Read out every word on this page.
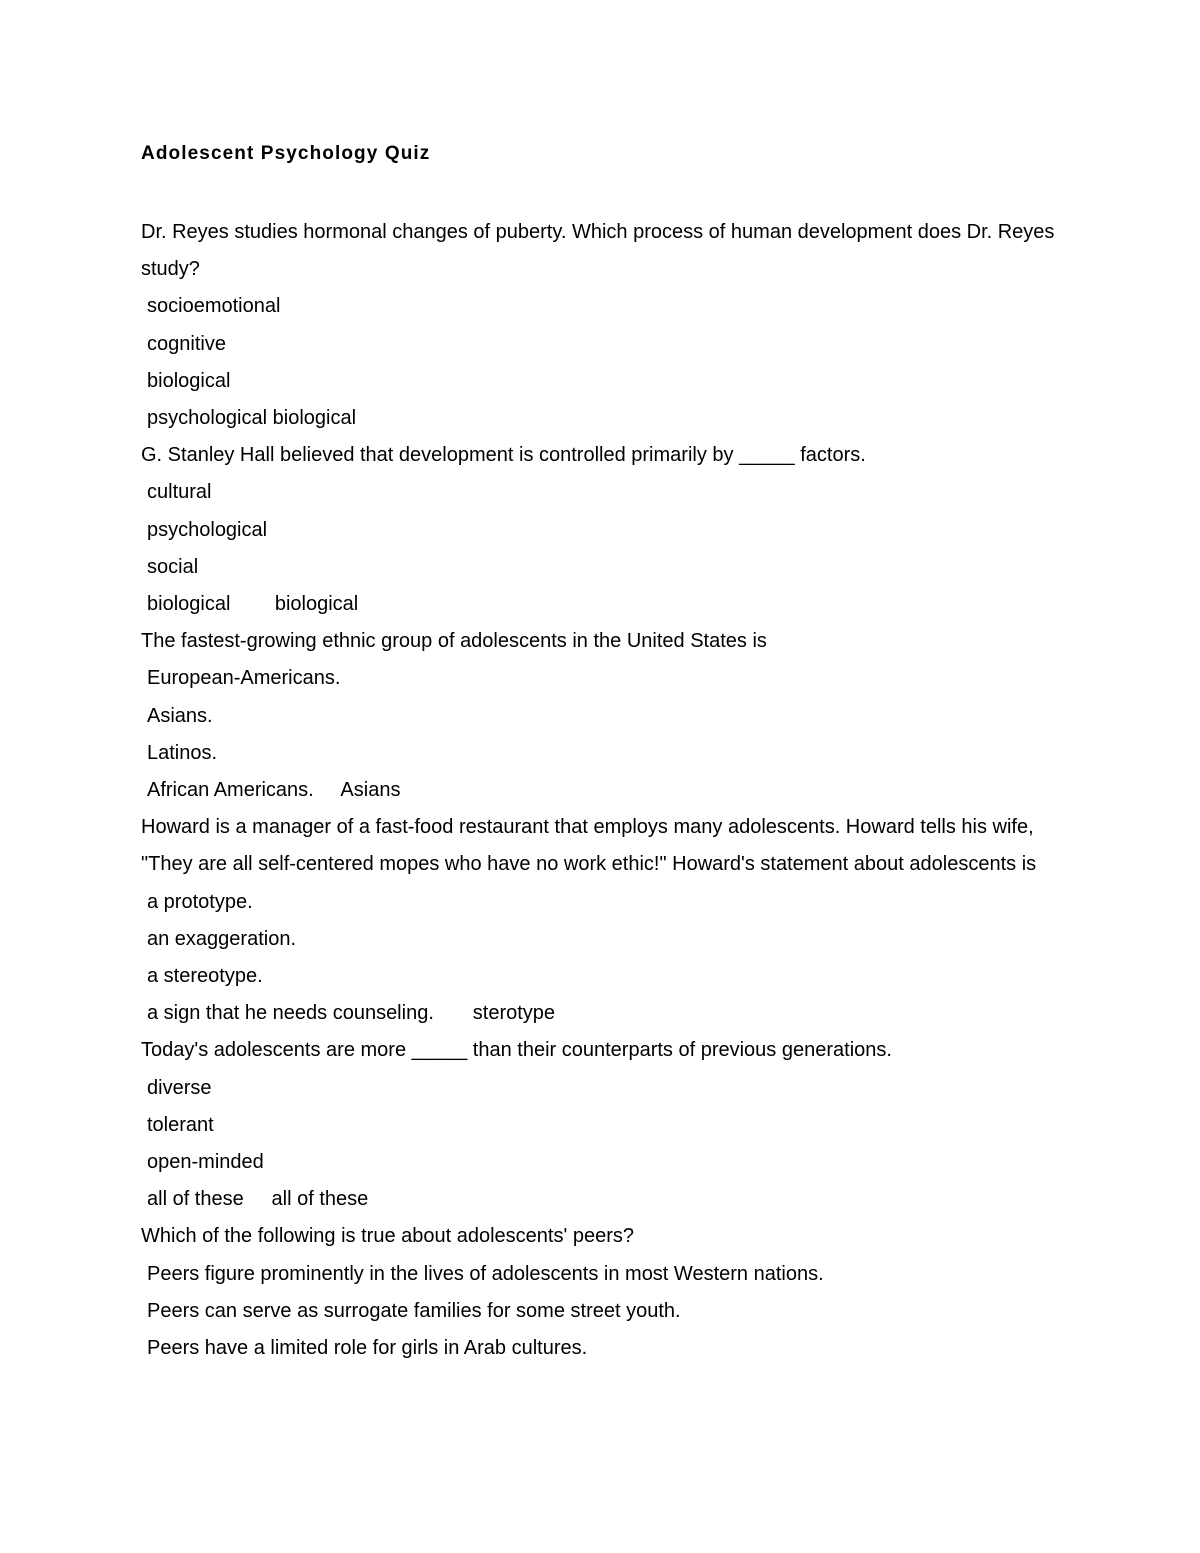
Adolescent Psychology Quiz

Dr. Reyes studies hormonal changes of puberty. Which process of human development does Dr. Reyes study?

socioemotional
cognitive
biological
psychological biological

G. Stanley Hall believed that development is controlled primarily by _____ factors.

cultural
psychological
social
biological biological

The fastest-growing ethnic group of adolescents in the United States is

European-Americans.
Asians.
Latinos.
African Americans. Asians

Howard is a manager of a fast-food restaurant that employs many adolescents. Howard tells his wife, "They are all self-centered mopes who have no work ethic!" Howard's statement about adolescents is

a prototype.
an exaggeration.
a stereotype.
a sign that he needs counseling. sterotype

Today's adolescents are more _____ than their counterparts of previous generations.

diverse
tolerant
open-minded
all of these all of these

Which of the following is true about adolescents' peers?

Peers figure prominently in the lives of adolescents in most Western nations.
Peers can serve as surrogate families for some street youth.
Peers have a limited role for girls in Arab cultures.
